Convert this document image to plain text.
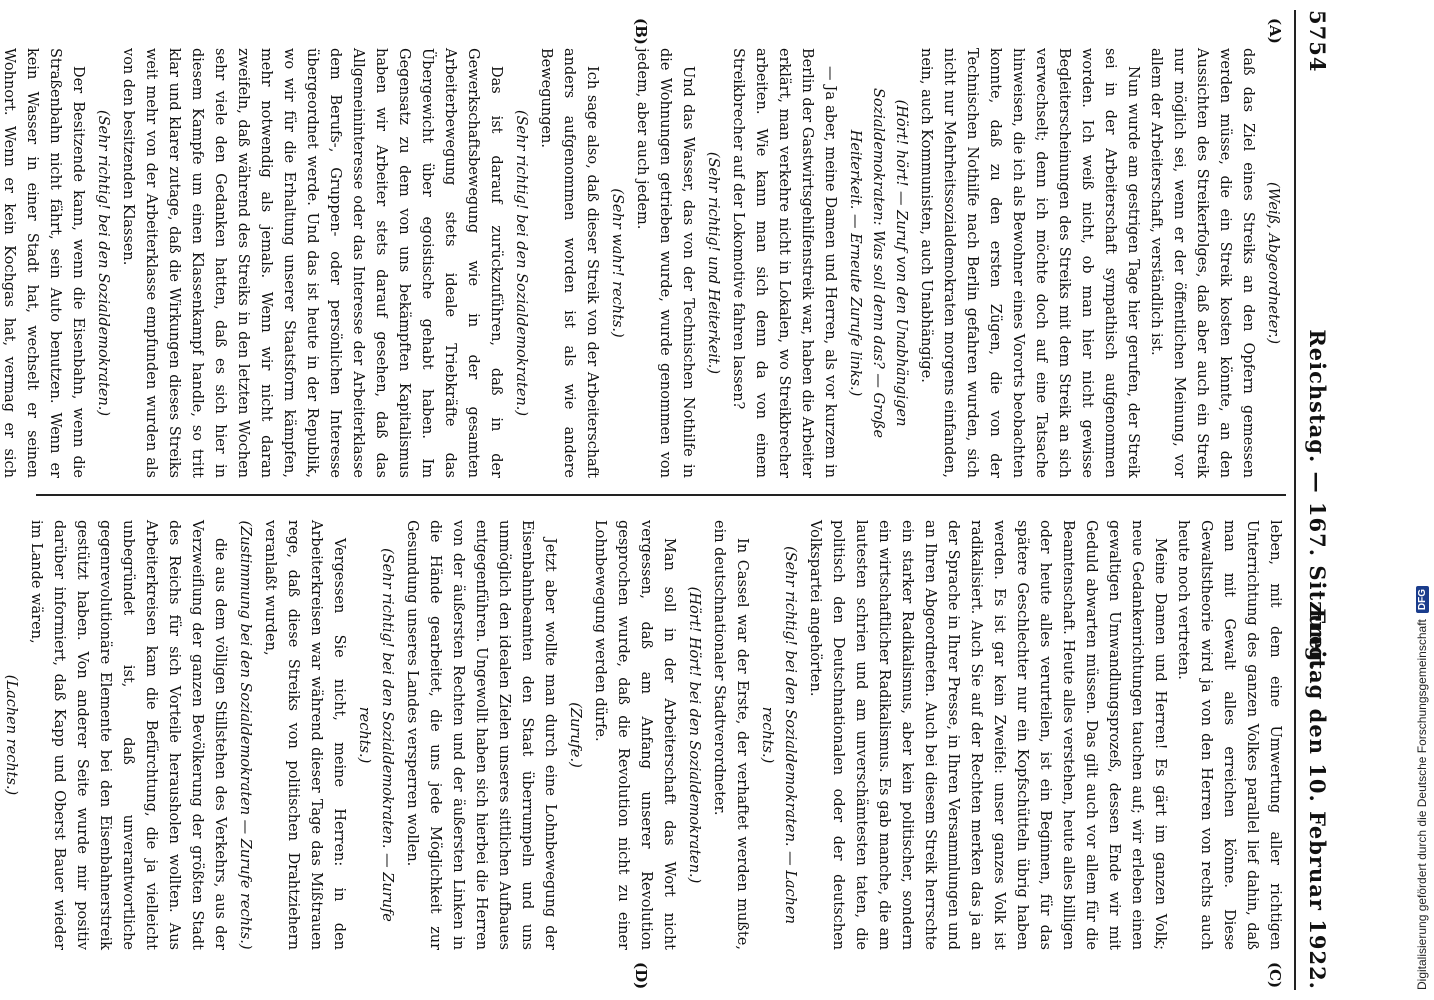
5754
Reichstag. — 167. Sitzung.
Freitag den 10. Februar 1922.
(A)
(B)
(C)
(D)

(Weiß, Abgeordneter.)

daß das Ziel eines Streiks an den Opfern gemessen werden müsse, die ein Streik kosten könnte, an den Aussichten des Streikerfolges, daß aber auch ein Streik nur möglich sei, wenn er der öffentlichen Meinung, vor allem der Arbeiterschaft, verständlich ist.

Nun wurde am gestrigen Tage hier gerufen, der Streik sei in der Arbeiterschaft sympathisch aufgenommen worden. Ich weiß nicht, ob man hier nicht gewisse Begleiterscheinungen des Streiks mit dem Streik an sich verwechselt; denn ich möchte doch auf eine Tatsache hinweisen, die ich als Bewohner eines Vororts beobachten konnte, daß zu den ersten Zügen, die von der Technischen Nothilfe nach Berlin gefahren wurden, sich nicht nur Mehrheitssozialdemokraten morgens einfanden, nein, auch Kommunisten, auch Unabhängige.

(Hört! hört! — Zuruf von den Unabhängigen Sozialdemokraten: Was soll denn das? — Große Heiterkeit. — Erneute Zurufe links.)

— Ja aber, meine Damen und Herren, als vor kurzem in Berlin der Gastwirtsgehilfenstreik war, haben die Arbeiter erklärt, man verkehre nicht in Lokalen, wo Streikbrecher arbeiten. Wie kann man sich denn da von einem Streikbrecher auf der Lokomotive fahren lassen?

(Sehr richtig! und Heiterkeit.)

Und das Wasser, das von der Technischen Nothilfe in die Wohnungen getrieben wurde, wurde genommen von jedem, aber auch jedem.

(Sehr wahr! rechts.)

Ich sage also, daß dieser Streik von der Arbeiterschaft anders aufgenommen worden ist als wie andere Bewegungen.

(Sehr richtig! bei den Sozialdemokraten.)

Das ist darauf zurückzuführen, daß in der Gewerkschaftsbewegung wie in der gesamten Arbeiterbewegung stets ideale Triebkräfte das Übergewicht über egoistische gehabt haben. Im Gegensatz zu dem von uns bekämpften Kapitalismus haben wir Arbeiter stets darauf gesehen, daß das Allgemeininteresse oder das Interesse der Arbeiterklasse dem Berufs-, Gruppen- oder persönlichen Interesse übergeordnet werde. Und das ist heute in der Republik, wo wir für die Erhaltung unserer Staatsform kämpfen, mehr notwendig als jemals. Wenn wir nicht daran zweifeln, daß während des Streiks in den letzten Wochen sehr viele den Gedanken hatten, daß es sich hier in diesem Kampfe um einen Klassenkampf handle, so tritt klar und klarer zutage, daß die Wirkungen dieses Streiks weit mehr von der Arbeiterklasse empfunden wurden als von den besitzenden Klassen.

(Sehr richtig! bei den Sozialdemokraten.)

Der Besitzende kann, wenn die Eisenbahn, wenn die Straßenbahn nicht fährt, sein Auto benutzen. Wenn er kein Wasser in einer Stadt hat, wechselt er seinen Wohnort. Wenn er kein Kochgas hat, vermag er sich

leben, mit dem eine Umwertung aller richtigen Unterrichtung des ganzen Volkes parallel lief dahin, daß man mit Gewalt alles erreichen könne. Diese Gewaltstheorie wird ja von den Herren von rechts auch heute noch vertreten.

Meine Damen und Herren! Es gärt im ganzen Volk; neue Gedankenrichtungen tauchen auf; wir erleben einen gewaltigen Umwandlungsprozeß, dessen Ende wir mit Geduld abwarten müssen. Das gilt auch vor allem für die Beamtenschaft. Heute alles verstehen, heute alles billigen oder heute alles verurteilen, ist ein Beginnen, für das spätere Geschlechter nur ein Kopfschütteln übrig haben werden. Es ist gar kein Zweifel: unser ganzes Volk ist radikalisiert. Auch Sie auf der Rechten merken das ja an der Sprache in Ihrer Presse, in Ihren Versammlungen und an Ihren Abgeordneten. Auch bei diesem Streik herrschte ein starker Radikalismus, aber kein politischer, sondern ein wirtschaftlicher Radikalismus. Es gab manche, die am lautesten schrien und am unverschämtesten taten, die politisch den Deutschnationalen oder der deutschen Volkspartei angehörten.

(Sehr richtig! bei den Sozialdemokraten. — Lachen rechts.)

In Cassel war der Erste, der verhaftet werden mußte, ein deutschnationaler Stadtverordneter.

(Hört! Hört! bei den Sozialdemokraten.)

Man soll in der Arbeiterschaft das Wort nicht vergessen, daß am Anfang unserer Revolution gesprochen wurde, daß die Revolution nicht zu einer Lohnbewegung werden dürfe.

(Zurufe.)

Jetzt aber wollte man durch eine Lohnbewegung der Eisenbahnbeamten den Staat überrumpeln und uns unmöglich den idealen Zielen unseres sittlichen Aufbaues entgegenführen. Ungewollt haben sich hierbei die Herren von der äußersten Rechten und der äußersten Linken in die Hände gearbeitet, die uns jede Möglichkeit zur Gesundung unseres Landes versperren wollen.

(Sehr richtig! bei den Sozialdemokraten. — Zurufe rechts.)

Vergessen Sie nicht, meine Herren: in den Arbeiterkreisen war während dieser Tage das Mißtrauen rege, daß diese Streiks von politischen Drahtziehern veranlaßt wurden,

(Zustimmung bei den Sozialdemokraten — Zurufe rechts.)

die aus dem völligen Stillstehen des Verkehrs, aus der Verzweiflung der ganzen Bevölkerung der größten Stadt des Reichs für sich Vorteile herausholen wollten. Aus Arbeiterkreisen kam die Befürchtung, die ja vielleicht unbegründet ist, daß unverantwortliche gegenrevolutionäre Elemente bei den Eisenbahnerstreik gestützt haben. Von anderer Seite wurde mir positiv darüber informiert, daß Kapp und Oberst Bauer wieder im Lande wären,

(Lachen rechts.)	Digitalisierung gefördert durch die Deutsche Forschungsgemeinschaft
DFG
